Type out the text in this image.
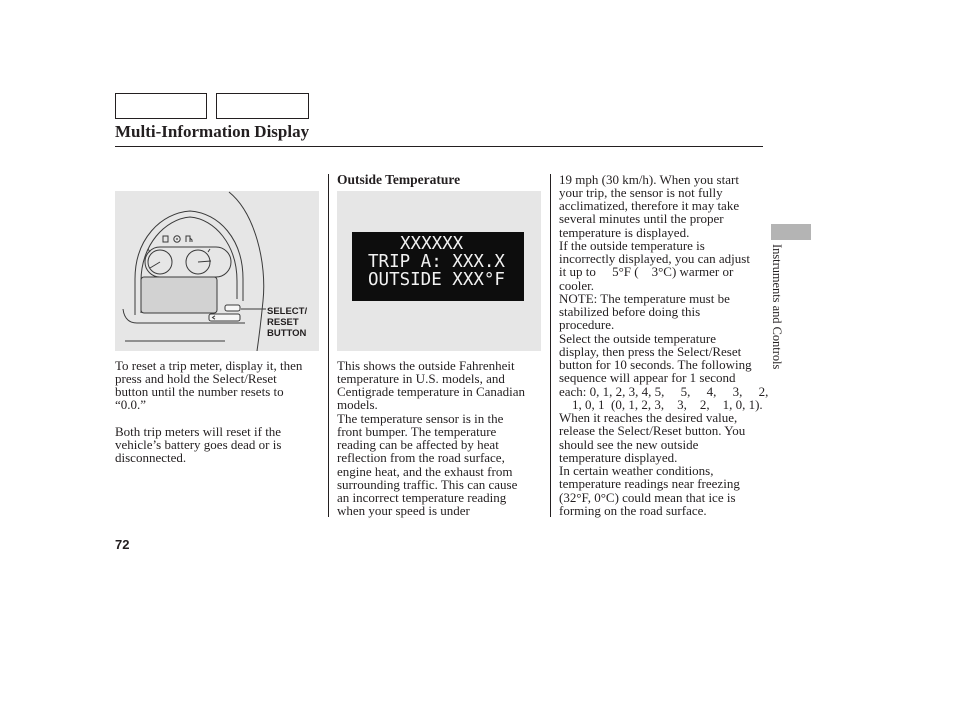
Multi-Information Display
SELECT/
RESET
BUTTON
To reset a trip meter, display it, then
press and hold the Select/Reset
button until the number resets to
“0.0.”
Both trip meters will reset if the
vehicle’s battery goes dead or is
disconnected.
Outside Temperature
XXXXXX
TRIP A: XXX.X
OUTSIDE XXX°F
This shows the outside Fahrenheit
temperature in U.S. models, and
Centigrade temperature in Canadian
models.
The temperature sensor is in the
front bumper. The temperature
reading can be affected by heat
reflection from the road surface,
engine heat, and the exhaust from
surrounding traffic. This can cause
an incorrect temperature reading
when your speed is under
19 mph (30 km/h). When you start
your trip, the sensor is not fully
acclimatized, therefore it may take
several minutes until the proper
temperature is displayed.
If the outside temperature is
incorrectly displayed, you can adjust
it up to     5°F (    3°C) warmer or
cooler.
NOTE: The temperature must be
stabilized before doing this
procedure.
Select the outside temperature
display, then press the Select/Reset
button for 10 seconds. The following
sequence will appear for 1 second
each: 0, 1, 2, 3, 4, 5,     5,     4,     3,     2,
1, 0, 1  (0, 1, 2, 3,    3,    2,    1, 0, 1).
When it reaches the desired value,
release the Select/Reset button. You
should see the new outside
temperature displayed.
In certain weather conditions,
temperature readings near freezing
(32°F, 0°C) could mean that ice is
forming on the road surface.
Instruments and Controls
72
